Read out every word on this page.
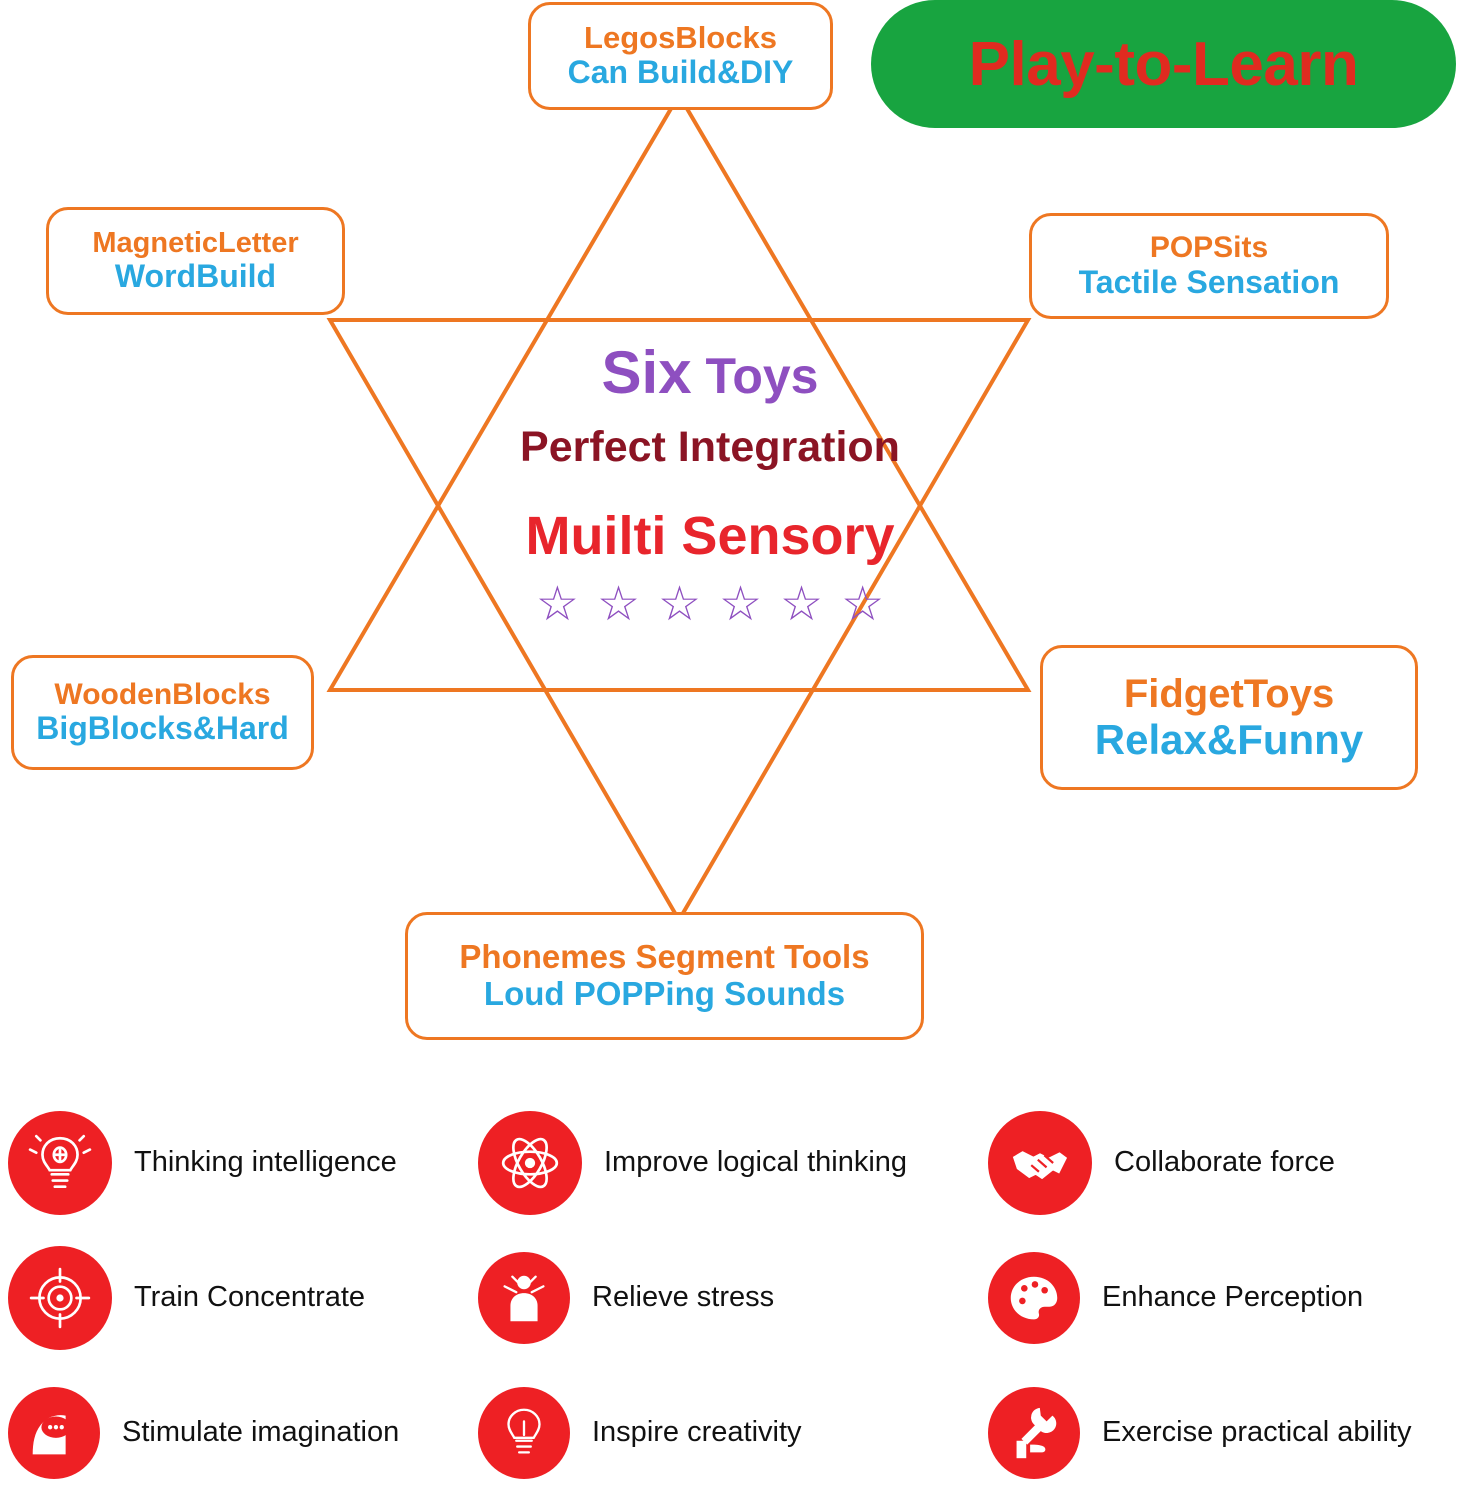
Play-to-Learn
Six Toys
Perfect Integration
Muilti Sensory
☆ ☆ ☆ ☆ ☆ ☆
LegosBlocks
Can Build&DIY
MagneticLetter
WordBuild
POPSits
Tactile Sensation
WoodenBlocks
BigBlocks&Hard
FidgetToys
Relax&Funny
Phonemes Segment Tools
Loud POPPing Sounds
Thinking intelligence	Improve logical thinking	Collaborate force
Train Concentrate	Relieve stress	Enhance Perception
Stimulate imagination	Inspire creativity	Exercise practical ability
